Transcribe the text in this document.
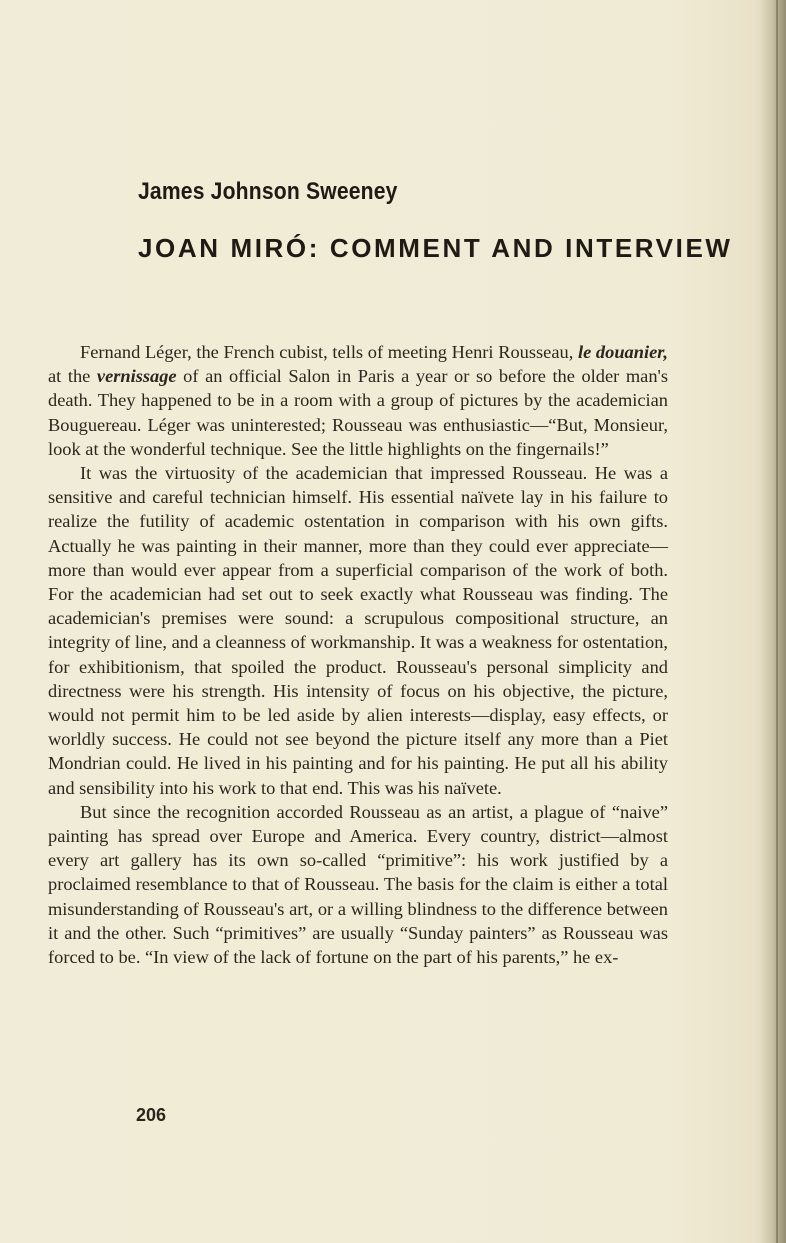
James Johnson Sweeney
JOAN MIRÓ: COMMENT AND INTERVIEW

Fernand Léger, the French cubist, tells of meeting Henri Rousseau, le douanier, at the vernissage of an official Salon in Paris a year or so before the older man's death. They happened to be in a room with a group of pictures by the academician Bouguereau. Léger was uninterested; Rousseau was enthusiastic—“But, Monsieur, look at the wonderful technique. See the little highlights on the fingernails!”

It was the virtuosity of the academician that impressed Rousseau. He was a sensitive and careful technician himself. His essential naïvete lay in his failure to realize the futility of academic ostentation in comparison with his own gifts. Actually he was painting in their manner, more than they could ever appreciate—more than would ever appear from a superficial comparison of the work of both. For the academician had set out to seek exactly what Rousseau was finding. The academician's premises were sound: a scrupulous compositional structure, an integrity of line, and a cleanness of workmanship. It was a weakness for ostentation, for exhibitionism, that spoiled the product. Rousseau's personal simplicity and directness were his strength. His intensity of focus on his objective, the picture, would not permit him to be led aside by alien interests—display, easy effects, or worldly success. He could not see beyond the picture itself any more than a Piet Mondrian could. He lived in his painting and for his painting. He put all his ability and sensibility into his work to that end. This was his naïvete.

But since the recognition accorded Rousseau as an artist, a plague of “naive” painting has spread over Europe and America. Every country, district—almost every art gallery has its own so-called “primitive”: his work justified by a proclaimed resemblance to that of Rousseau. The basis for the claim is either a total misunderstanding of Rousseau's art, or a willing blindness to the difference between it and the other. Such “primitives” are usually “Sunday painters” as Rousseau was forced to be. “In view of the lack of fortune on the part of his parents,” he ex-

206
